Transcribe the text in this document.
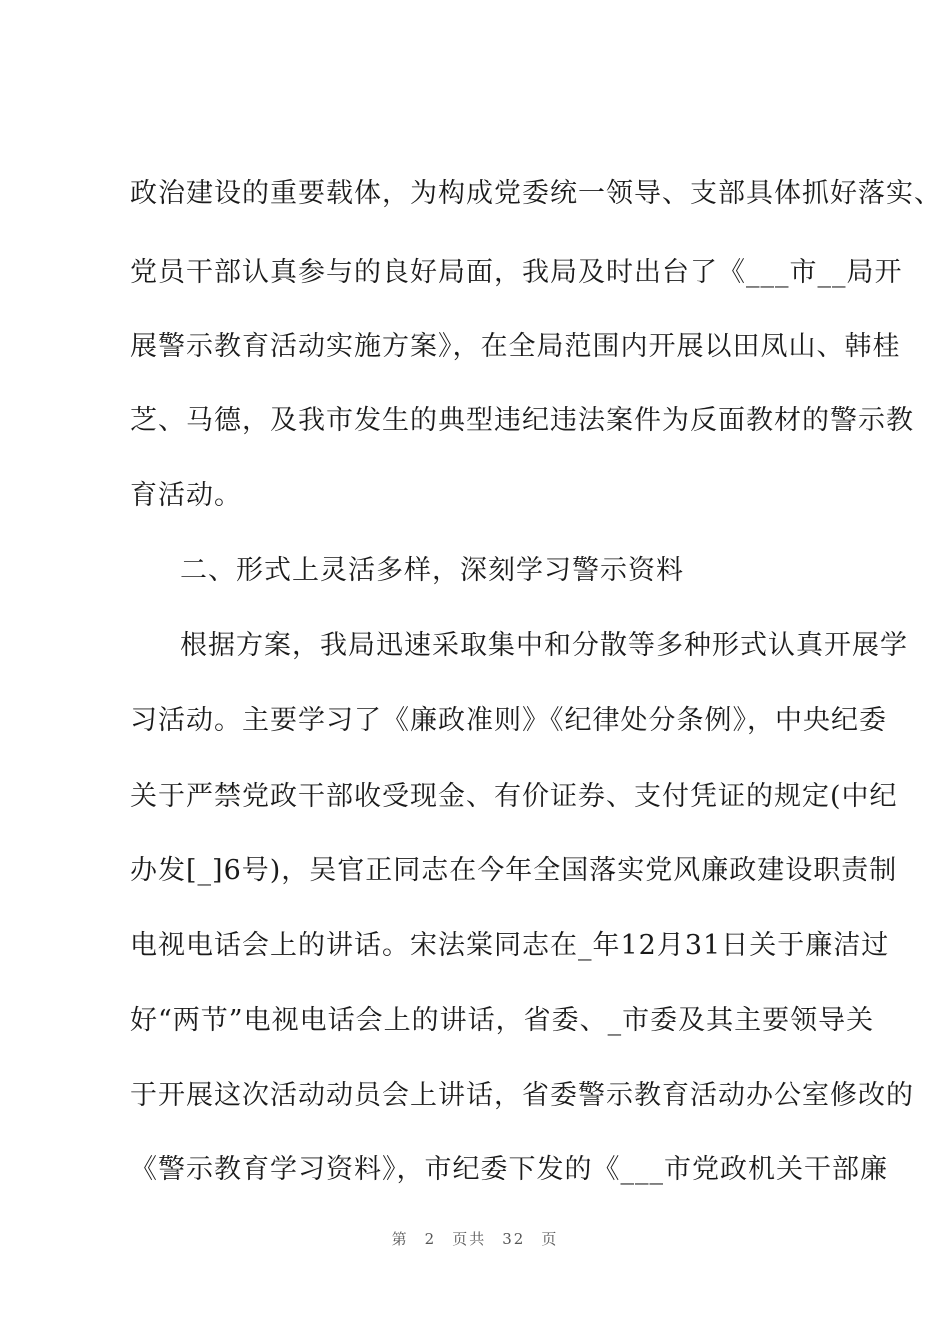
政治建设的重要载体，为构成党委统一领导、支部具体抓好落实、
党员干部认真参与的良好局面，我局及时出台了《___市__局开
展警示教育活动实施方案》，在全局范围内开展以田凤山、韩桂
芝、马德，及我市发生的典型违纪违法案件为反面教材的警示教
育活动。
二、形式上灵活多样，深刻学习警示资料
根据方案，我局迅速采取集中和分散等多种形式认真开展学
习活动。主要学习了《廉政准则》《纪律处分条例》，中央纪委
关于严禁党政干部收受现金、有价证券、支付凭证的规定(中纪
办发[_]6号)，吴官正同志在今年全国落实党风廉政建设职责制
电视电话会上的讲话。宋法棠同志在_年12月31日关于廉洁过
好“两节”电视电话会上的讲话，省委、_市委及其主要领导关
于开展这次活动动员会上讲话，省委警示教育活动办公室修改的
《警示教育学习资料》，市纪委下发的《___市党政机关干部廉
第 2 页共 32 页
